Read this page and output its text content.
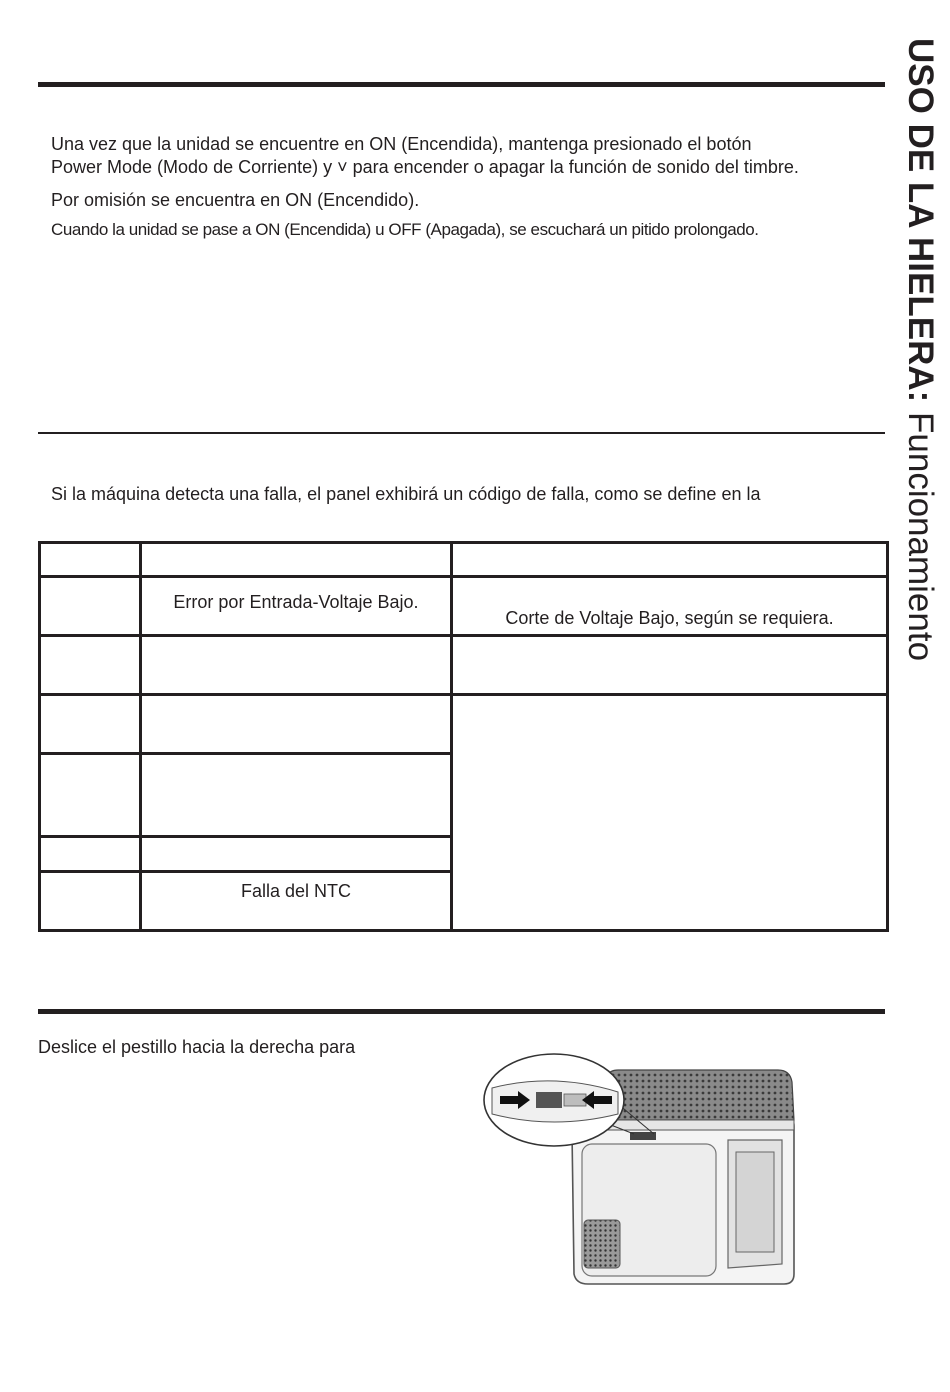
USO DE LA HIELERA: Funcionamiento

Una vez que la unidad se encuentre en ON (Encendida), mantenga presionado el botón

Power Mode (Modo de Corriente) y ˅ para encender o apagar la función de sonido del timbre.

Por omisión se encuentra en ON (Encendido).

Cuando la unidad se pase a ON (Encendida) u OFF (Apagada), se escuchará un pitido prolongado.

Si la máquina detecta una falla, el panel exhibirá un código de falla, como se define en la

	Error por Entrada-Voltaje Bajo.	Corte de Voltaje Bajo, según se requiera.

	Falla del NTC	

Deslice el pestillo hacia la derecha para
